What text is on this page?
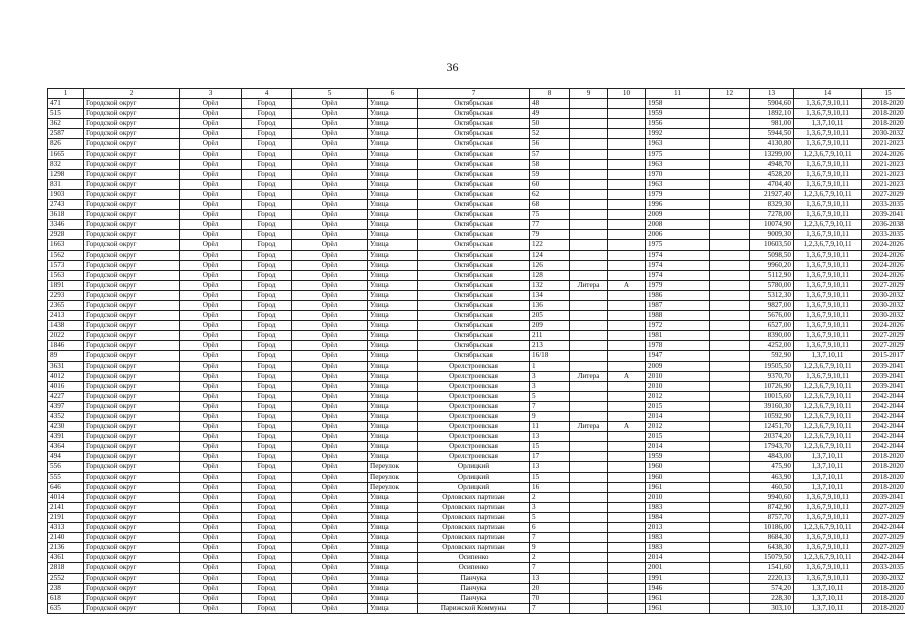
36
1	2	3	4	5	6	7	8	9	10	11	12	13	14	15
471	Городской округ	Орёл	Город	Орёл	Улица	Октябрьская	48			1958		5904,60	1,3,6,7,9,10,11	2018-2020
515	Городской округ	Орёл	Город	Орёл	Улица	Октябрьская	49			1959		1892,10	1,3,6,7,9,10,11	2018-2020
362	Городской округ	Орёл	Город	Орёл	Улица	Октябрьская	50			1956		981,00	1,3,7,10,11	2018-2020
2587	Городской округ	Орёл	Город	Орёл	Улица	Октябрьская	52			1992		5944,50	1,3,6,7,9,10,11	2030-2032
826	Городской округ	Орёл	Город	Орёл	Улица	Октябрьская	56			1963		4130,80	1,3,6,7,9,10,11	2021-2023
1665	Городской округ	Орёл	Город	Орёл	Улица	Октябрьская	57			1975		13299,00	1,2,3,6,7,9,10,11	2024-2026
832	Городской округ	Орёл	Город	Орёл	Улица	Октябрьская	58			1963		4948,70	1,3,6,7,9,10,11	2021-2023
1298	Городской округ	Орёл	Город	Орёл	Улица	Октябрьская	59			1970		4528,20	1,3,6,7,9,10,11	2021-2023
831	Городской округ	Орёл	Город	Орёл	Улица	Октябрьская	60			1963		4704,40	1,3,6,7,9,10,11	2021-2023
1903	Городской округ	Орёл	Город	Орёл	Улица	Октябрьская	62			1979		21927,40	1,2,3,6,7,9,10,11	2027-2029
2743	Городской округ	Орёл	Город	Орёл	Улица	Октябрьская	68			1996		8329,30	1,3,6,7,9,10,11	2033-2035
3618	Городской округ	Орёл	Город	Орёл	Улица	Октябрьская	75			2009		7278,00	1,3,6,7,9,10,11	2039-2041
3346	Городской округ	Орёл	Город	Орёл	Улица	Октябрьская	77			2008		10074,90	1,2,3,6,7,9,10,11	2036-2038
2928	Городской округ	Орёл	Город	Орёл	Улица	Октябрьская	79			2006		9009,30	1,3,6,7,9,10,11	2033-2035
1663	Городской округ	Орёл	Город	Орёл	Улица	Октябрьская	122			1975		10603,50	1,2,3,6,7,9,10,11	2024-2026
1562	Городской округ	Орёл	Город	Орёл	Улица	Октябрьская	124			1974		5098,50	1,3,6,7,9,10,11	2024-2026
1573	Городской округ	Орёл	Город	Орёл	Улица	Октябрьская	126			1974		9960,20	1,3,6,7,9,10,11	2024-2026
1563	Городской округ	Орёл	Город	Орёл	Улица	Октябрьская	128			1974		5112,90	1,3,6,7,9,10,11	2024-2026
1891	Городской округ	Орёл	Город	Орёл	Улица	Октябрьская	132	Литера	А	1979		5780,00	1,3,6,7,9,10,11	2027-2029
2293	Городской округ	Орёл	Город	Орёл	Улица	Октябрьская	134			1986		5312,30	1,3,6,7,9,10,11	2030-2032
2365	Городской округ	Орёл	Город	Орёл	Улица	Октябрьская	136			1987		9827,00	1,3,6,7,9,10,11	2030-2032
2413	Городской округ	Орёл	Город	Орёл	Улица	Октябрьская	205			1988		5676,00	1,3,6,7,9,10,11	2030-2032
1438	Городской округ	Орёл	Город	Орёл	Улица	Октябрьская	209			1972		6527,00	1,3,6,7,9,10,11	2024-2026
2022	Городской округ	Орёл	Город	Орёл	Улица	Октябрьская	211			1981		8390,00	1,3,6,7,9,10,11	2027-2029
1846	Городской округ	Орёл	Город	Орёл	Улица	Октябрьская	213			1978		4252,00	1,3,6,7,9,10,11	2027-2029
89	Городской округ	Орёл	Город	Орёл	Улица	Октябрьская	16/18			1947		592,90	1,3,7,10,11	2015-2017
3631	Городской округ	Орёл	Город	Орёл	Улица	Орелстроевская	1			2009		19505,50	1,2,3,6,7,9,10,11	2039-2041
4012	Городской округ	Орёл	Город	Орёл	Улица	Орелстроевская	3	Литера	А	2010		9370,70	1,3,6,7,9,10,11	2039-2041
4016	Городской округ	Орёл	Город	Орёл	Улица	Орелстроевская	3			2010		10726,90	1,2,3,6,7,9,10,11	2039-2041
4227	Городской округ	Орёл	Город	Орёл	Улица	Орелстроевская	5			2012		10015,60	1,2,3,6,7,9,10,11	2042-2044
4397	Городской округ	Орёл	Город	Орёл	Улица	Орелстроевская	7			2015		39160,30	1,2,3,6,7,9,10,11	2042-2044
4352	Городской округ	Орёл	Город	Орёл	Улица	Орелстроевская	9			2014		10592,90	1,2,3,6,7,9,10,11	2042-2044
4230	Городской округ	Орёл	Город	Орёл	Улица	Орелстроевская	11	Литера	А	2012		12451,70	1,2,3,6,7,9,10,11	2042-2044
4391	Городской округ	Орёл	Город	Орёл	Улица	Орелстроевская	13			2015		20374,20	1,2,3,6,7,9,10,11	2042-2044
4364	Городской округ	Орёл	Город	Орёл	Улица	Орелстроевская	15			2014		17943,70	1,2,3,6,7,9,10,11	2042-2044
494	Городской округ	Орёл	Город	Орёл	Улица	Орелстроевская	17			1959		4843,00	1,3,7,10,11	2018-2020
556	Городской округ	Орёл	Город	Орёл	Переулок	Орлицкий	13			1960		475,90	1,3,7,10,11	2018-2020
555	Городской округ	Орёл	Город	Орёл	Переулок	Орлицкий	15			1960		463,90	1,3,7,10,11	2018-2020
646	Городской округ	Орёл	Город	Орёл	Переулок	Орлицкий	16			1961		460,50	1,3,7,10,11	2018-2020
4014	Городской округ	Орёл	Город	Орёл	Улица	Орловских партизан	2			2010		9940,60	1,3,6,7,9,10,11	2039-2041
2141	Городской округ	Орёл	Город	Орёл	Улица	Орловских партизан	3			1983		8742,90	1,3,6,7,9,10,11	2027-2029
2191	Городской округ	Орёл	Город	Орёл	Улица	Орловских партизан	5			1984		8757,70	1,3,6,7,9,10,11	2027-2029
4313	Городской округ	Орёл	Город	Орёл	Улица	Орловских партизан	6			2013		10186,00	1,2,3,6,7,9,10,11	2042-2044
2140	Городской округ	Орёл	Город	Орёл	Улица	Орловских партизан	7			1983		8684,30	1,3,6,7,9,10,11	2027-2029
2136	Городской округ	Орёл	Город	Орёл	Улица	Орловских партизан	9			1983		6438,30	1,3,6,7,9,10,11	2027-2029
4361	Городской округ	Орёл	Город	Орёл	Улица	Осипенко	2			2014		15079,50	1,2,3,6,7,9,10,11	2042-2044
2818	Городской округ	Орёл	Город	Орёл	Улица	Осипенко	7			2001		1541,60	1,3,6,7,9,10,11	2033-2035
2552	Городской округ	Орёл	Город	Орёл	Улица	Панчука	13			1991		2220,13	1,3,6,7,9,10,11	2030-2032
238	Городской округ	Орёл	Город	Орёл	Улица	Панчука	20			1946		574,20	1,3,7,10,11	2018-2020
618	Городской округ	Орёл	Город	Орёл	Улица	Панчука	70			1961		228,30	1,3,7,10,11	2018-2020
635	Городской округ	Орёл	Город	Орёл	Улица	Парижской Коммуны	7			1961		303,10	1,3,7,10,11	2018-2020
